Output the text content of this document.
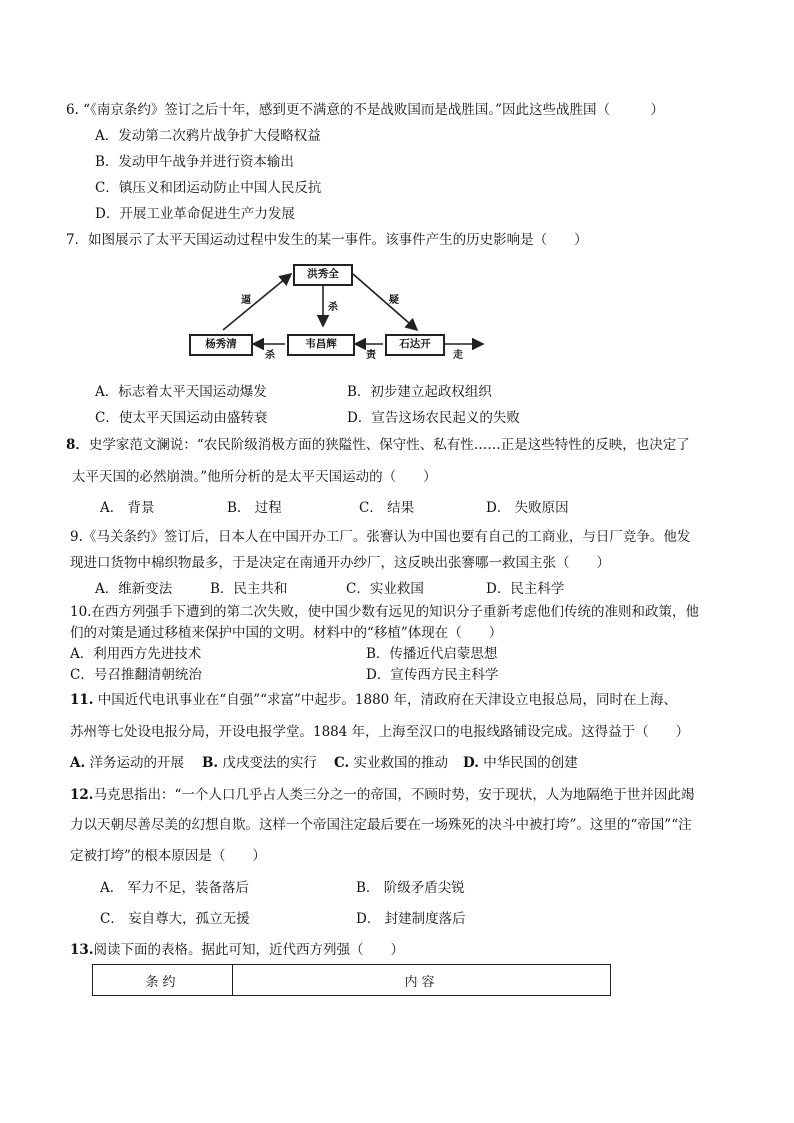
6. “《南京条约》签订之后十年，感到更不满意的不是战败国而是战胜国。”因此这些战胜国（　　　）
A．发动第二次鸦片战争扩大侵略权益
B．发动甲午战争并进行资本输出
C．镇压义和团运动防止中国人民反抗
D．开展工业革命促进生产力发展
7．如图展示了太平天国运动过程中发生的某一事件。该事件产生的历史影响是（　　）
洪秀全
杨秀清	韦昌辉	石达开
逼
杀
疑
杀	责	走
A．标志着太平天国运动爆发	B．初步建立起政权组织
C．使太平天国运动由盛转衰	D．宣告这场农民起义的失败
8．史学家范文澜说：“农民阶级消极方面的狭隘性、保守性、私有性……正是这些特性的反映，也决定了
太平天国的必然崩溃。”他所分析的是太平天国运动的（　　）
A． 背景	B． 过程	C． 结果	D． 失败原因
9.《马关条约》签订后，日本人在中国开办工厂。张謇认为中国也要有自己的工商业，与日厂竞争。他发
现进口货物中棉织物最多，于是决定在南通开办纱厂，这反映出张謇哪一救国主张（　　）
A．维新变法	B．民主共和	C．实业救国	D．民主科学
10.在西方列强手下遭到的第二次失败，使中国少数有远见的知识分子重新考虑他们传统的准则和政策，他
们的对策是通过移植来保护中国的文明。材料中的“移植”体现在（　　）
A．利用西方先进技术	B．传播近代启蒙思想
C．号召推翻清朝统治	D．宣传西方民主科学
11. 中国近代电讯事业在“自强”“求富”中起步。1880 年，清政府在天津设立电报总局，同时在上海、
苏州等七处设电报分局，开设电报学堂。1884 年，上海至汉口的电报线路铺设完成。这得益于（　　）
A. 洋务运动的开展 B. 戊戌变法的实行 C. 实业救国的推动 D. 中华民国的创建
12.马克思指出：“一个人口几乎占人类三分之一的帝国，不顾时势，安于现状，人为地隔绝于世并因此竭
力以天朝尽善尽美的幻想自欺。这样一个帝国注定最后要在一场殊死的决斗中被打垮”。这里的“帝国”“注
定被打垮”的根本原因是（　　）
A． 军力不足，装备落后	B． 阶级矛盾尖锐
C． 妄自尊大，孤立无援	D． 封建制度落后
13.阅读下面的表格。据此可知，近代西方列强（　　）
条约	内容
